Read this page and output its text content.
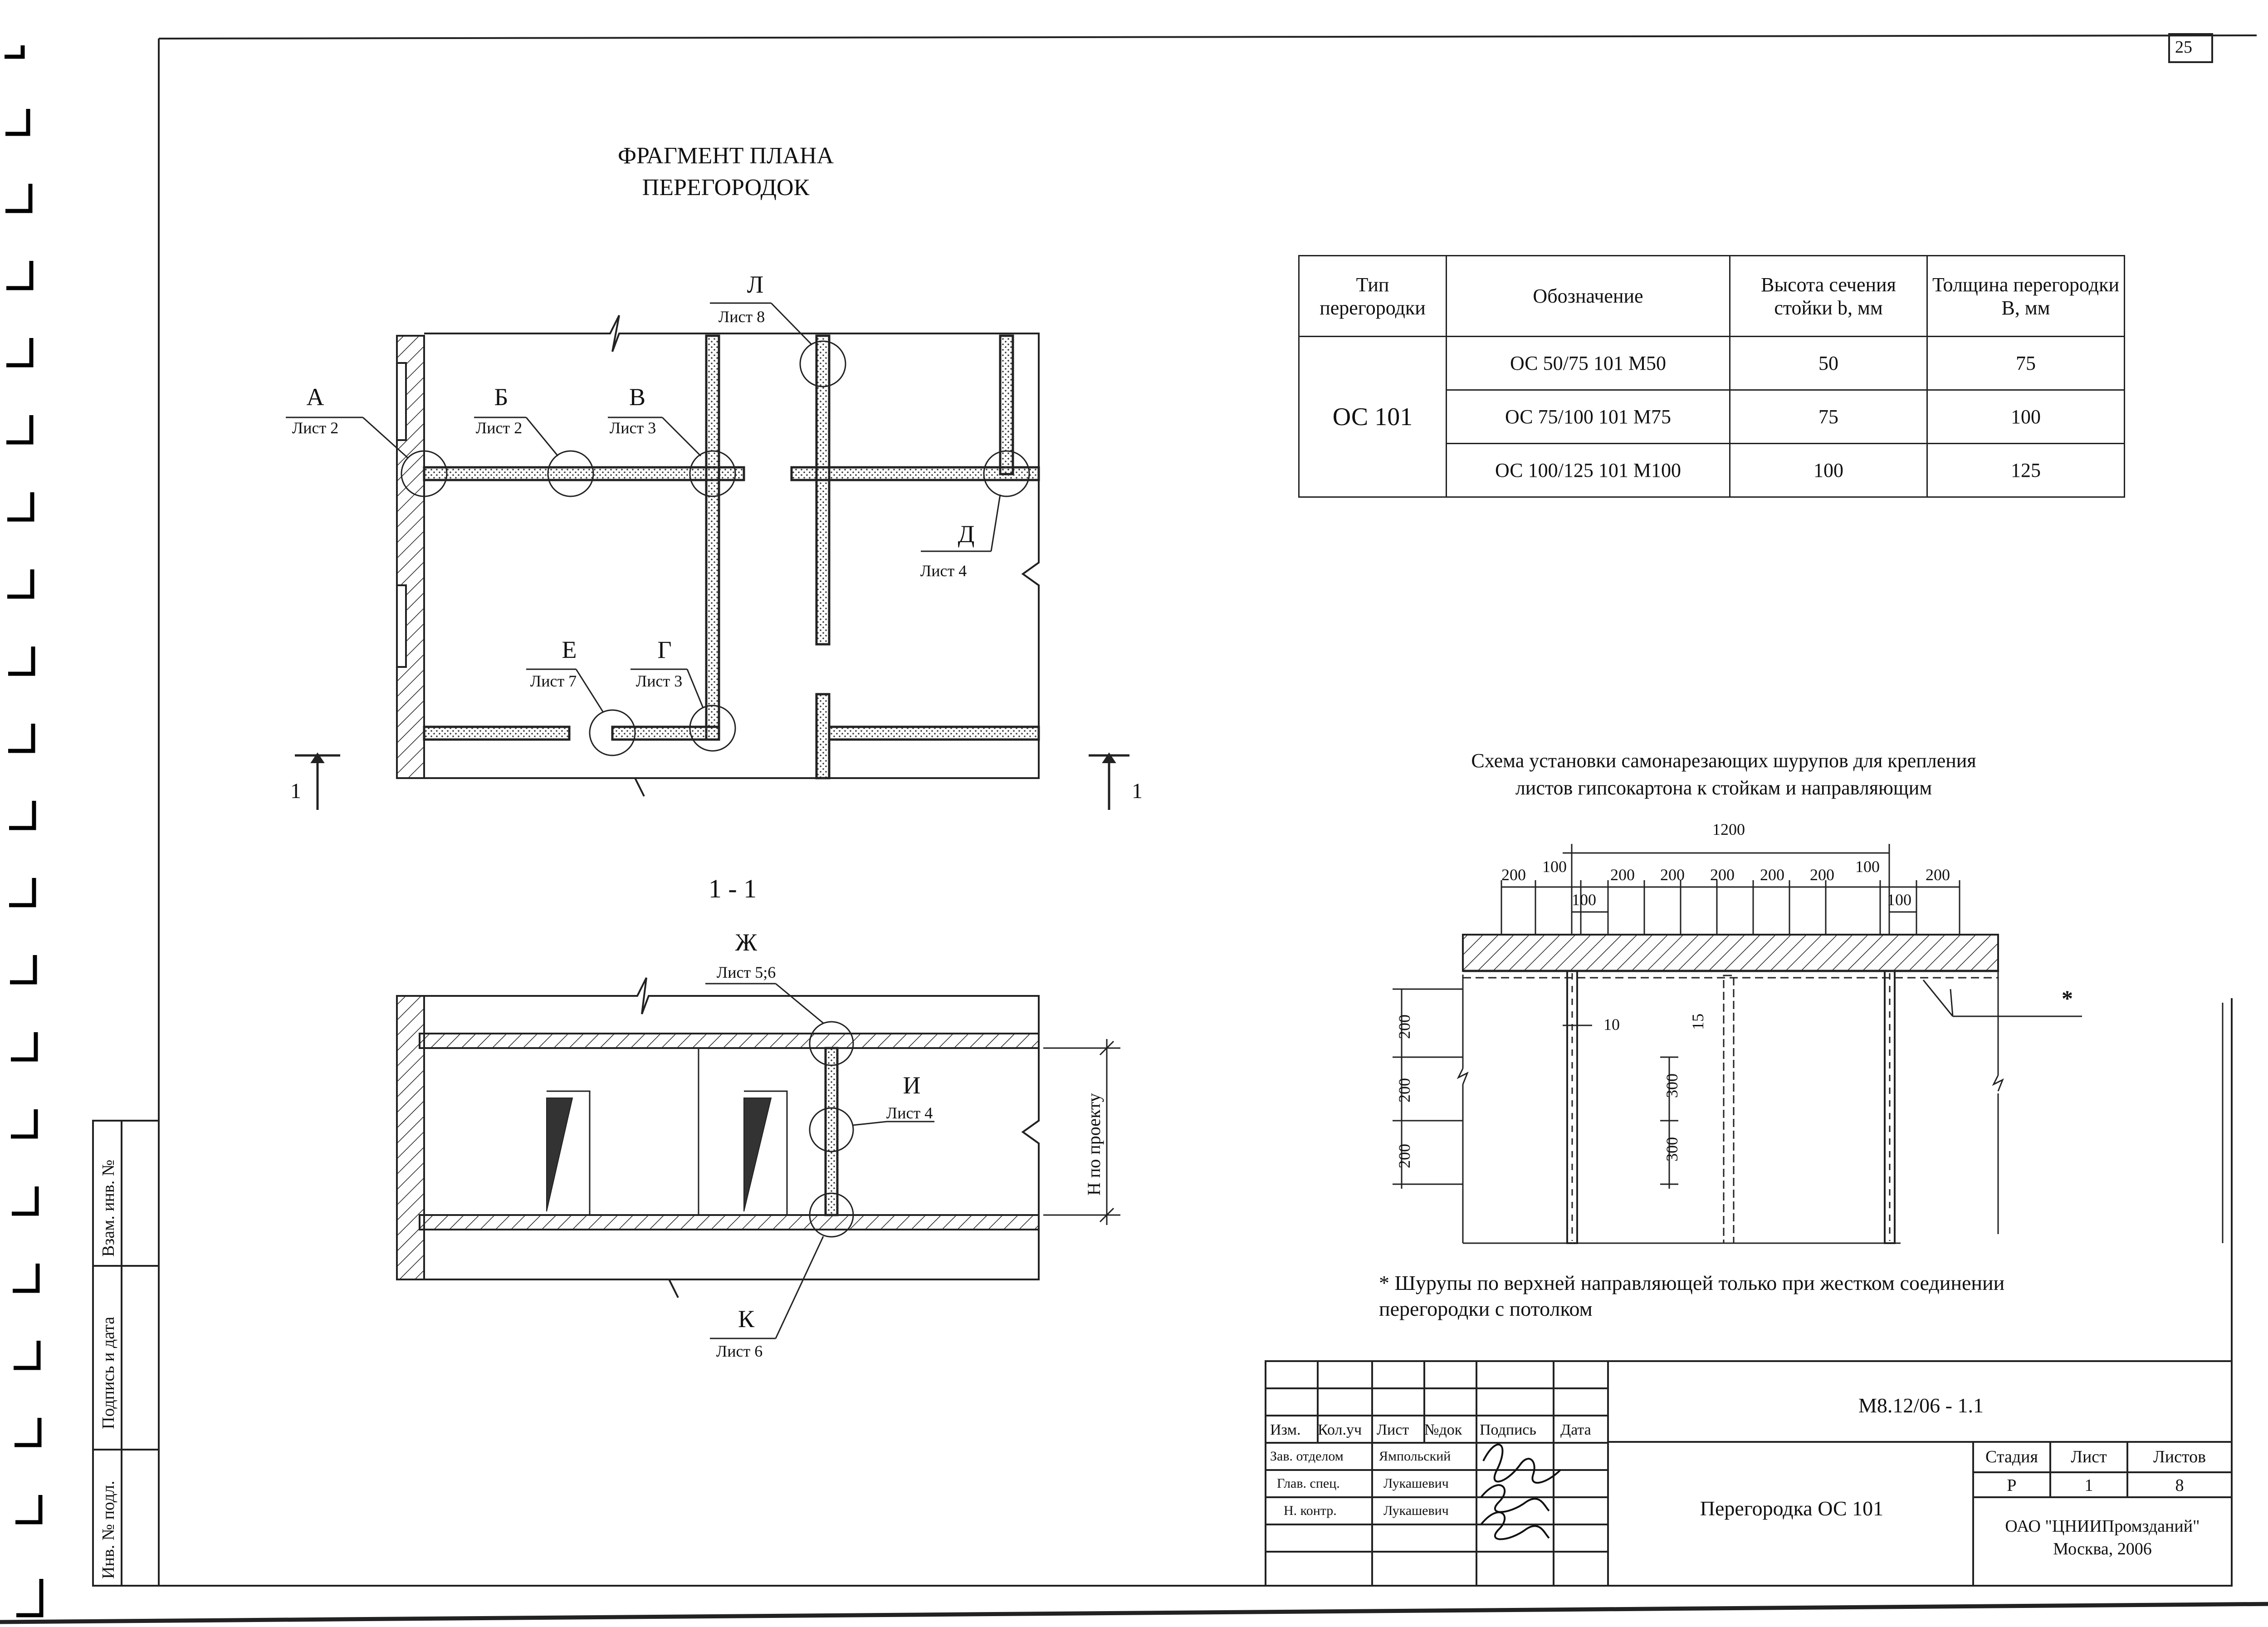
25
ФРАГМЕНТ ПЛАНА
ПЕРЕГОРОДОК
Л
Лист 8
А
Лист 2
Б
Лист 2
В
Лист 3
Д
Лист 4
Е
Лист 7
Г
Лист 3
1	1
1 - 1
Ж
Лист 5;6
И
Лист 4
К
Лист 6
Н по проекту
Тип перегородки	Обозначение	Высота сечения стойки b, мм	Толщина перегородки В, мм
ОС 101	ОС 50/75 101 М50	50	75
	ОС 75/100 101 М75	75	100
	ОС 100/125 101 М100	100	125
Схема установки самонарезающих шурупов для крепления
листов гипсокартона к стойкам и направляющим
1200
200 100	200 200 200 200 200 100	200
100	100
200
200
200
10	15
300
300
*
* Шурупы по верхней направляющей только при жестком соединении
перегородки с потолком
Взам. инв. №
Подпись и дата
Инв. № подл.
М8.12/06 - 1.1
Изм. Кол.уч Лист №док Подпись Дата
Зав. отделом	Ямпольский
Глав. спец.	Лукашевич
Н. контр.	Лукашевич	Перегородка ОС 101
Стадия	Лист	Листов
Р	1	8
ОАО "ЦНИИПромзданий"
Москва, 2006
